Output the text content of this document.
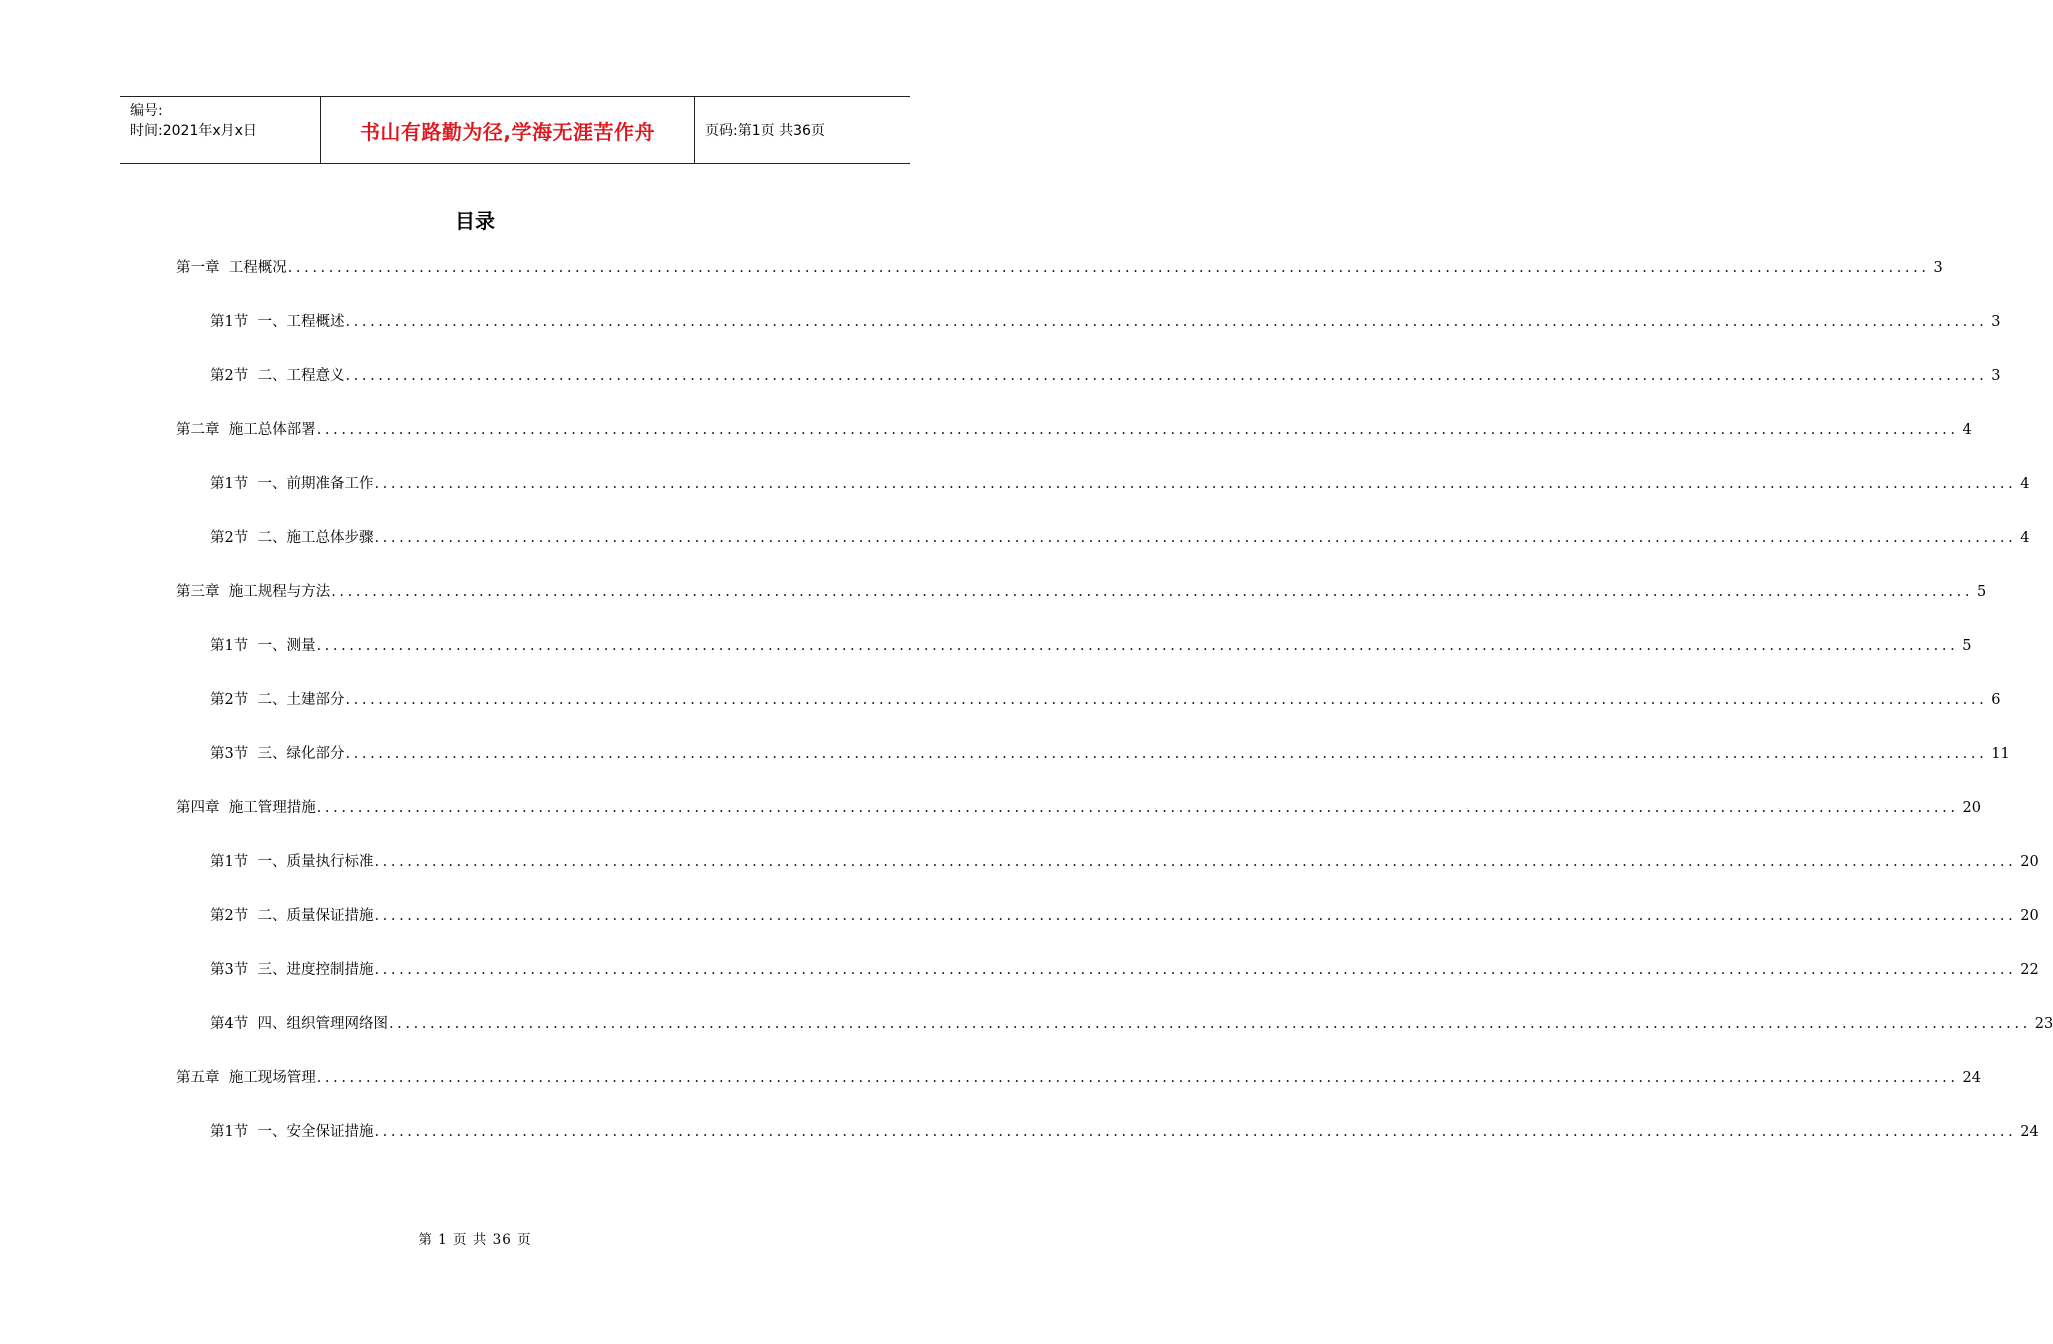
编号:
时间:2021年x月x日	书山有路勤为径,学海无涯苦作舟	页码:第1页 共36页
目录
第一章  工程概况 ........................................................................................................................................................................................................ 3
第1节  一、工程概述 ........................................................................................................................................................................................................ 3
第2节  二、工程意义 ........................................................................................................................................................................................................ 3
第二章  施工总体部署 ........................................................................................................................................................................................................ 4
第1节  一、前期准备工作 ........................................................................................................................................................................................................ 4
第2节  二、施工总体步骤 ........................................................................................................................................................................................................ 4
第三章  施工规程与方法 ........................................................................................................................................................................................................ 5
第1节  一、测量 ........................................................................................................................................................................................................ 5
第2节  二、土建部分 ........................................................................................................................................................................................................ 6
第3节  三、绿化部分 ........................................................................................................................................................................................................ 11
第四章  施工管理措施 ........................................................................................................................................................................................................ 20
第1节  一、质量执行标准 ........................................................................................................................................................................................................ 20
第2节  二、质量保证措施 ........................................................................................................................................................................................................ 20
第3节  三、进度控制措施 ........................................................................................................................................................................................................ 22
第4节  四、组织管理网络图 ........................................................................................................................................................................................................ 23
第五章  施工现场管理 ........................................................................................................................................................................................................ 24
第1节  一、安全保证措施 ........................................................................................................................................................................................................ 24
第 1 页 共 36 页
